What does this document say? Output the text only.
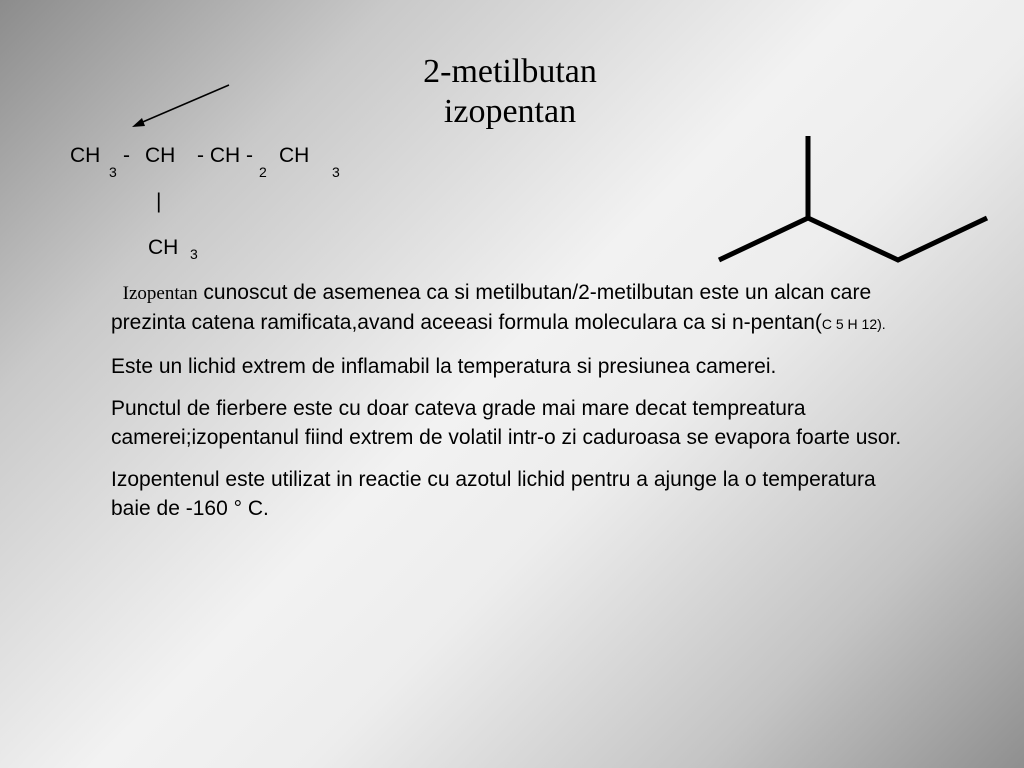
2-metilbutan
izopentan
CH
3
- CH - CH -
2
CH
3
|
CH 3

Izopentan cunoscut de asemenea ca si metilbutan/2-metilbutan este un alcan care prezinta catena ramificata,avand aceeasi formula moleculara ca si n-pentan(C 5 H 12).

Este un lichid extrem de inflamabil la temperatura si presiunea camerei.

Punctul de fierbere este cu doar cateva grade mai mare decat tempreatura camerei;izopentanul fiind extrem de volatil intr-o zi caduroasa se evapora foarte usor.

Izopentenul este utilizat in reactie cu azotul lichid pentru a ajunge la o temperatura baie de -160 ° C.
